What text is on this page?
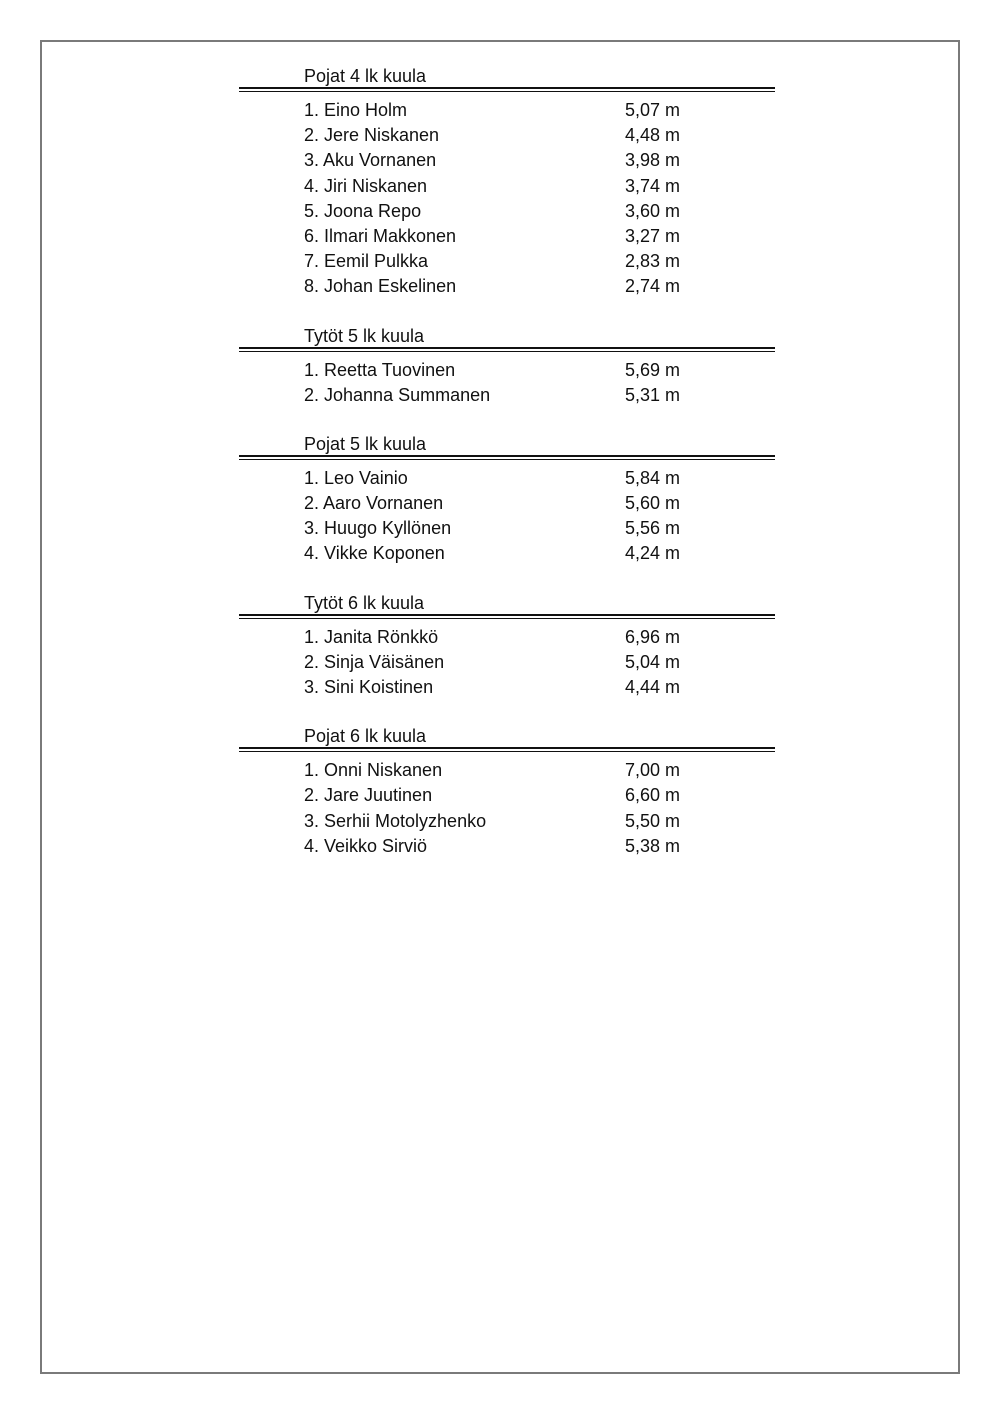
Pojat 4 lk kuula
1. Eino Holm	5,07 m
2. Jere Niskanen	4,48 m
3. Aku Vornanen	3,98 m
4. Jiri Niskanen	3,74 m
5. Joona Repo	3,60 m
6. Ilmari Makkonen	3,27 m
7. Eemil Pulkka	2,83 m
8. Johan Eskelinen	2,74 m
Tytöt 5 lk kuula
1. Reetta Tuovinen	5,69 m
2. Johanna Summanen	5,31 m
Pojat 5 lk kuula
1. Leo Vainio	5,84 m
2. Aaro Vornanen	5,60 m
3. Huugo Kyllönen	5,56 m
4. Vikke Koponen	4,24 m
Tytöt 6 lk kuula
1. Janita Rönkkö	6,96 m
2. Sinja Väisänen	5,04 m
3. Sini Koistinen	4,44 m
Pojat 6 lk kuula
1. Onni Niskanen	7,00 m
2. Jare Juutinen	6,60 m
3. Serhii Motolyzhenko	5,50 m
4. Veikko Sirviö	5,38 m
